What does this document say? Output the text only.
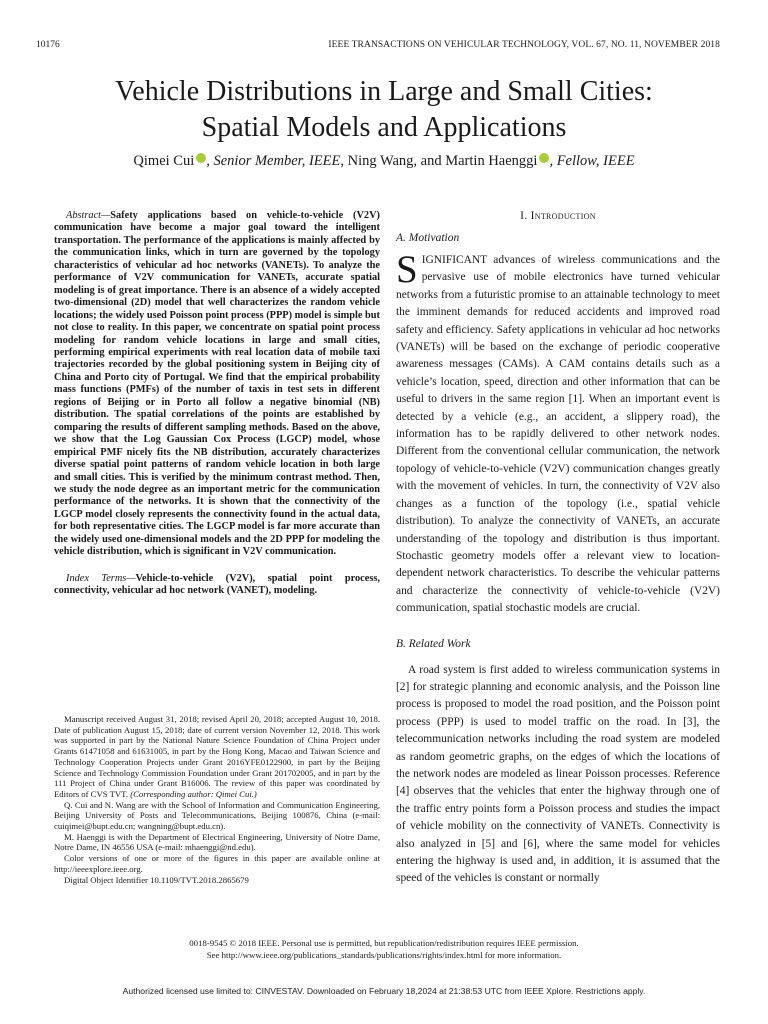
10176	IEEE TRANSACTIONS ON VEHICULAR TECHNOLOGY, VOL. 67, NO. 11, NOVEMBER 2018
Vehicle Distributions in Large and Small Cities:
Spatial Models and Applications
Qimei Cui , Senior Member, IEEE, Ning Wang, and Martin Haenggi , Fellow, IEEE

Abstract—Safety applications based on vehicle-to-vehicle (V2V) communication have become a major goal toward the intelligent transportation. The performance of the applications is mainly affected by the communication links, which in turn are governed by the topology characteristics of vehicular ad hoc networks (VANETs). To analyze the performance of V2V communication for VANETs, accurate spatial modeling is of great importance. There is an absence of a widely accepted two-dimensional (2D) model that well characterizes the random vehicle locations; the widely used Poisson point process (PPP) model is simple but not close to reality. In this paper, we concentrate on spatial point process modeling for random vehicle locations in large and small cities, performing empirical experiments with real location data of mobile taxi trajectories recorded by the global positioning system in Beijing city of China and Porto city of Portugal. We find that the empirical probability mass functions (PMFs) of the number of taxis in test sets in different regions of Beijing or in Porto all follow a negative binomial (NB) distribution. The spatial correlations of the points are established by comparing the results of different sampling methods. Based on the above, we show that the Log Gaussian Cox Process (LGCP) model, whose empirical PMF nicely fits the NB distribution, accurately characterizes diverse spatial point patterns of random vehicle location in both large and small cities. This is verified by the minimum contrast method. Then, we study the node degree as an important metric for the communication performance of the networks. It is shown that the connectivity of the LGCP model closely represents the connectivity found in the actual data, for both representative cities. The LGCP model is far more accurate than the widely used one-dimensional models and the 2D PPP for modeling the vehicle distribution, which is significant in V2V communication.

Index Terms—Vehicle-to-vehicle (V2V), spatial point process, connectivity, vehicular ad hoc network (VANET), modeling.

Manuscript received August 31, 2018; revised April 20, 2018; accepted August 10, 2018. Date of publication August 15, 2018; date of current version November 12, 2018. This work was supported in part by the National Nature Science Foundation of China Project under Grants 61471058 and 61631005, in part by the Hong Kong, Macao and Taiwan Science and Technology Cooperation Projects under Grant 2016YFE0122900, in part by the Beijing Science and Technology Commission Foundation under Grant 201702005, and in part by the 111 Project of China under Grant B16006. The review of this paper was coordinated by Editors of CVS TVT. (Corresponding author: Qimei Cui.)

Q. Cui and N. Wang are with the School of Information and Communication Engineering, Beijing University of Posts and Telecommunications, Beijing 100876, China (e-mail: cuiqimei@bupt.edu.cn; wangning@bupt.edu.cn).

M. Haenggi is with the Department of Electrical Engineering, University of Notre Dame, Notre Dame, IN 46556 USA (e-mail: mhaenggi@nd.edu).

Color versions of one or more of the figures in this paper are available online at http://ieeexplore.ieee.org.

Digital Object Identifier 10.1109/TVT.2018.2865679

I. Introduction
A. Motivation

SIGNIFICANT advances of wireless communications and the pervasive use of mobile electronics have turned vehicular networks from a futuristic promise to an attainable technology to meet the imminent demands for reduced accidents and improved road safety and efficiency. Safety applications in vehicular ad hoc networks (VANETs) will be based on the exchange of periodic cooperative awareness messages (CAMs). A CAM contains details such as a vehicle’s location, speed, direction and other information that can be useful to drivers in the same region [1]. When an important event is detected by a vehicle (e.g., an accident, a slippery road), the information has to be rapidly delivered to other network nodes. Different from the conventional cellular communication, the network topology of vehicle-to-vehicle (V2V) communication changes greatly with the movement of vehicles. In turn, the connectivity of V2V also changes as a function of the topology (i.e., spatial vehicle distribution). To analyze the connectivity of VANETs, an accurate understanding of the topology and distribution is thus important. Stochastic geometry models offer a relevant view to location-dependent network characteristics. To describe the vehicular patterns and characterize the connectivity of vehicle-to-vehicle (V2V) communication, spatial stochastic models are crucial.

B. Related Work

A road system is first added to wireless communication systems in [2] for strategic planning and economic analysis, and the Poisson line process is proposed to model the road position, and the Poisson point process (PPP) is used to model traffic on the road. In [3], the telecommunication networks including the road system are modeled as random geometric graphs, on the edges of which the locations of the network nodes are modeled as linear Poisson processes. Reference [4] observes that the vehicles that enter the highway through one of the traffic entry points form a Poisson process and studies the impact of vehicle mobility on the connectivity of VANETs. Connectivity is also analyzed in [5] and [6], where the same model for vehicles entering the highway is used and, in addition, it is assumed that the speed of the vehicles is constant or normally

0018-9545 © 2018 IEEE. Personal use is permitted, but republication/redistribution requires IEEE permission.
See http://www.ieee.org/publications_standards/publications/rights/index.html for more information.
Authorized licensed use limited to: CINVESTAV. Downloaded on February 18,2024 at 21:38:53 UTC from IEEE Xplore. Restrictions apply.
